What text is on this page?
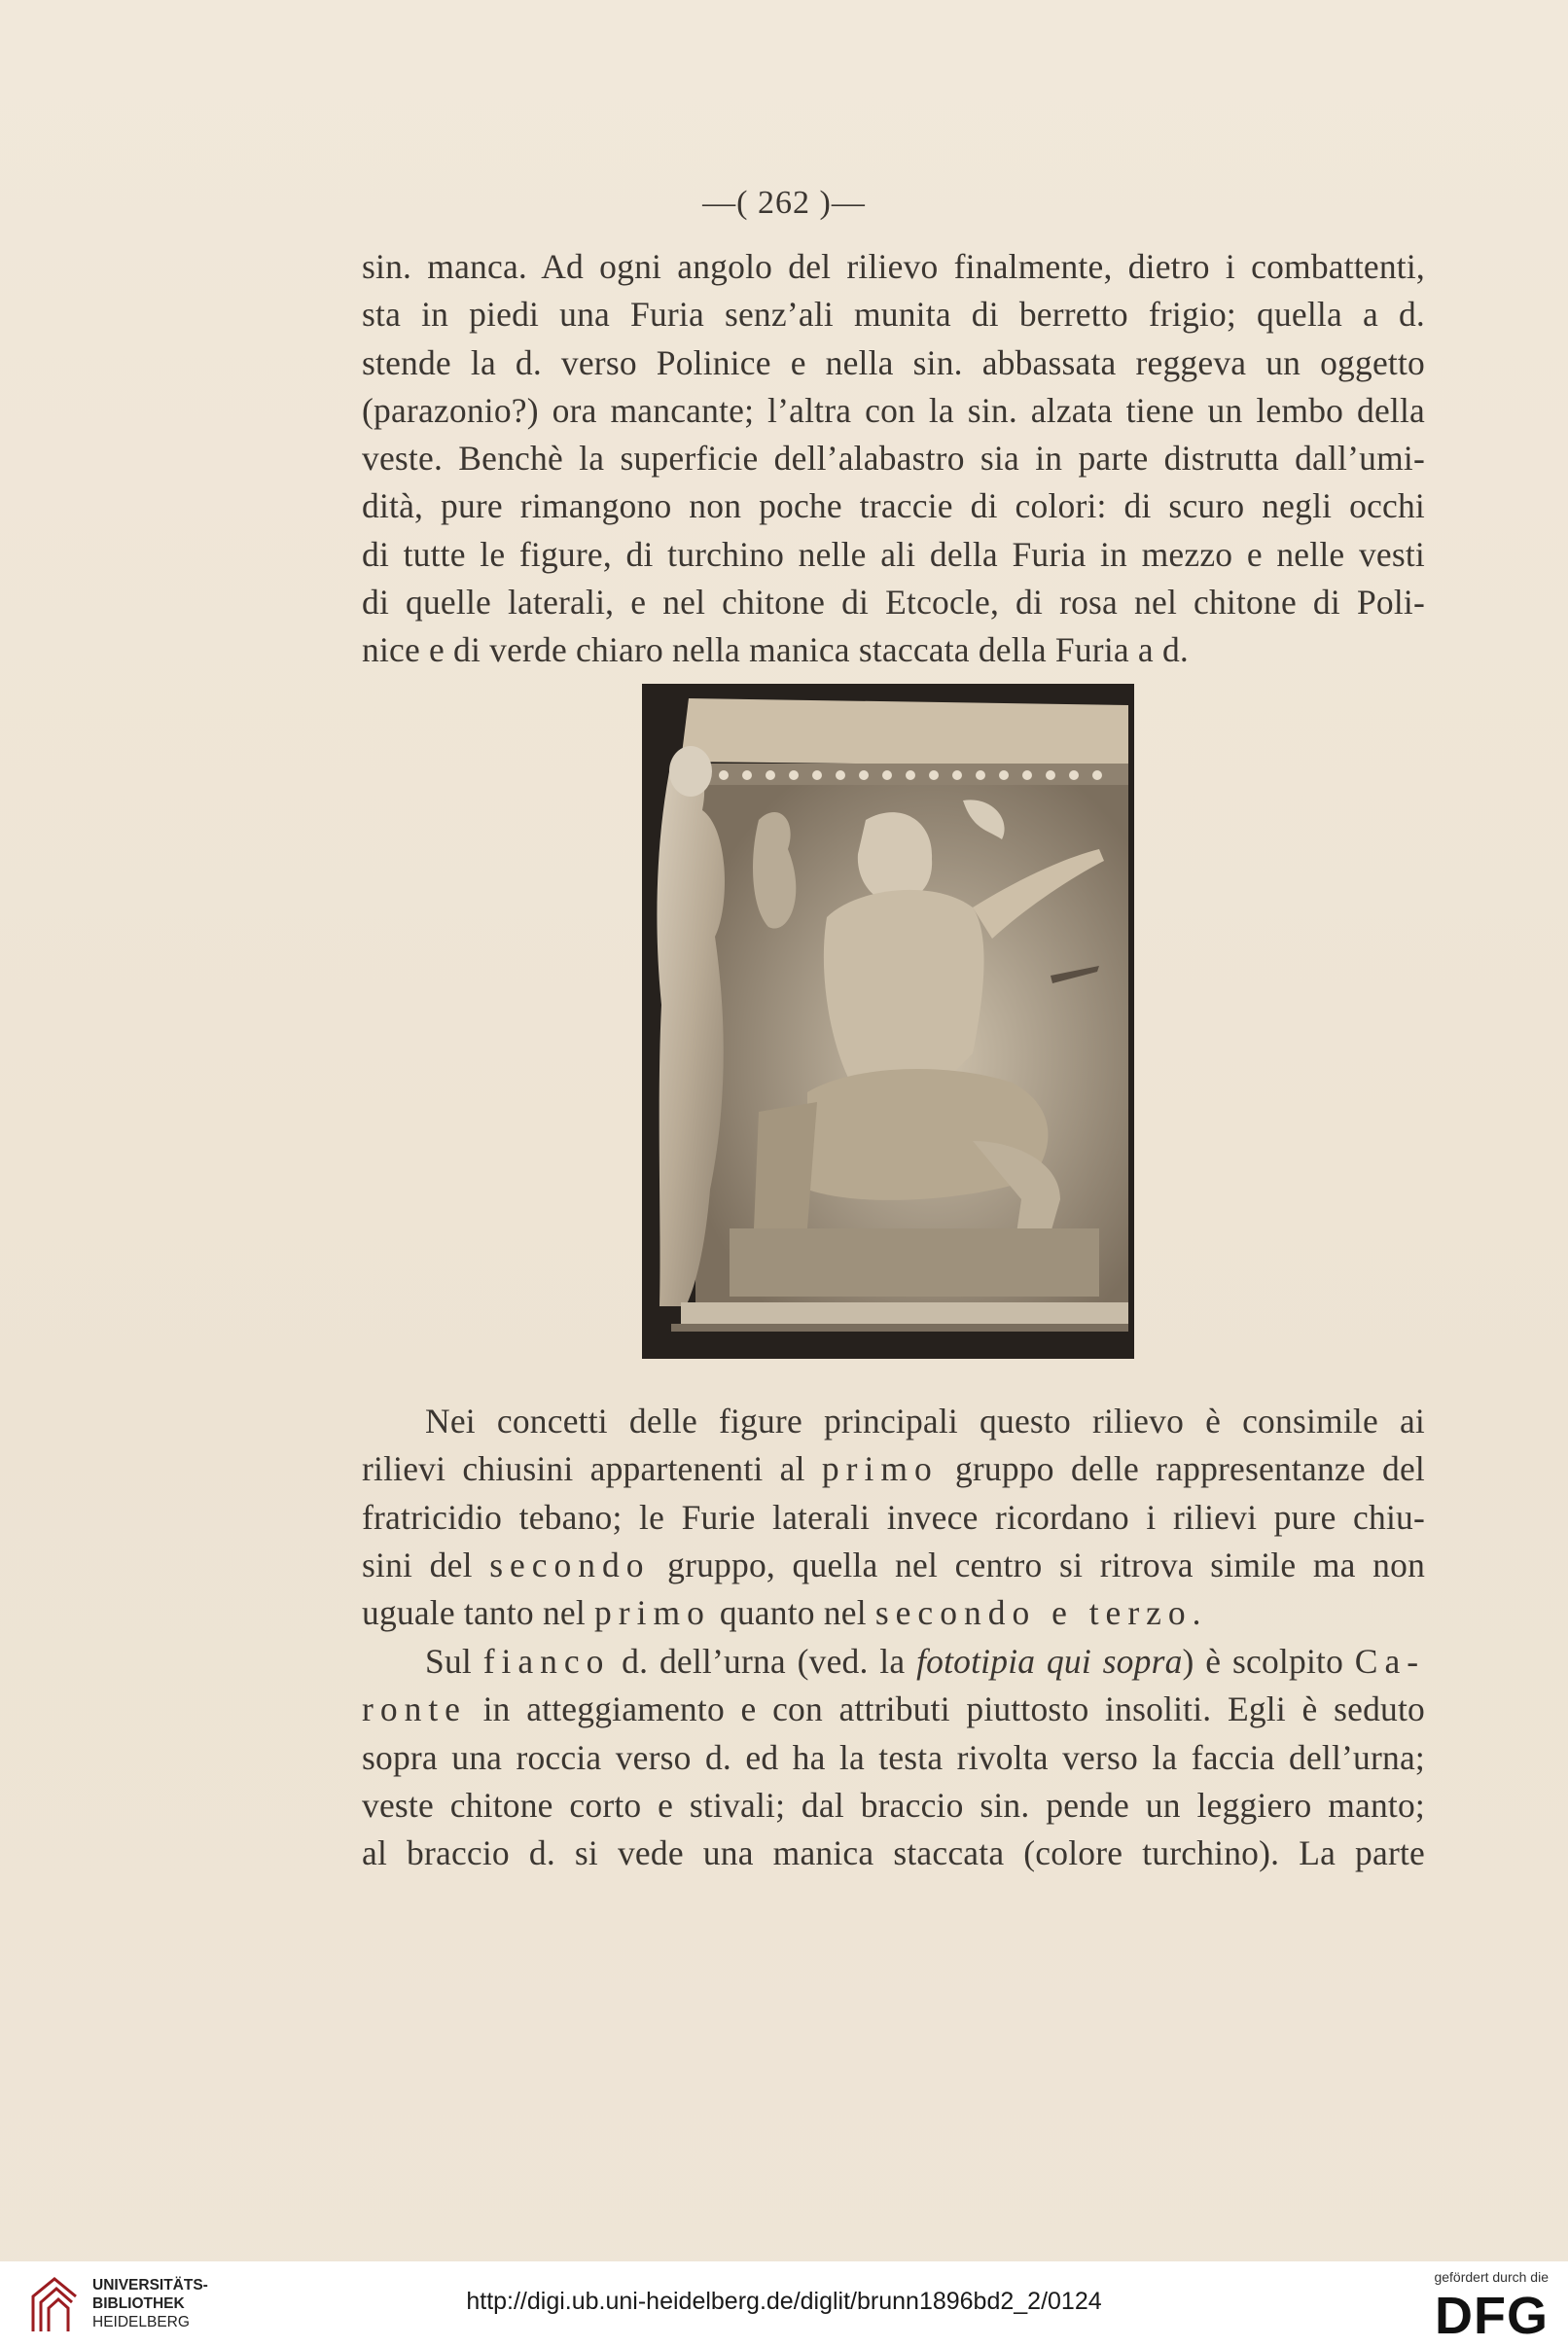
—( 262 )—

sin. manca. Ad ogni angolo del rilievo finalmente, dietro i combattenti,
sta in piedi una Furia senz’ali munita di berretto frigio; quella a d.
stende la d. verso Polinice e nella sin. abbassata reggeva un oggetto
(parazonio?) ora mancante; l’altra con la sin. alzata tiene un lembo della
veste. Benchè la superficie dell’alabastro sia in parte distrutta dall’umi-
dità, pure rimangono non poche traccie di colori: di scuro negli occhi
di tutte le figure, di turchino nelle ali della Furia in mezzo e nelle vesti
di quelle laterali, e nel chitone di Etcocle, di rosa nel chitone di Poli-
nice e di verde chiaro nella manica staccata della Furia a d.

Nei concetti delle figure principali questo rilievo è consimile ai
rilievi chiusini appartenenti al primo gruppo delle rappresentanze del
fratricidio tebano; le Furie laterali invece ricordano i rilievi pure chiu-
sini del secondo gruppo, quella nel centro si ritrova simile ma non
uguale tanto nel primo quanto nel secondo e terzo.

Sul fianco d. dell’urna (ved. la fototipia qui sopra) è scolpito Ca-
ronte in atteggiamento e con attributi piuttosto insoliti. Egli è seduto
sopra una roccia verso d. ed ha la testa rivolta verso la faccia dell’urna;
veste chitone corto e stivali; dal braccio sin. pende un leggiero manto;
al braccio d. si vede una manica staccata (colore turchino). La parte

UNIVERSITÄTS-
BIBLIOTHEK
HEIDELBERG
http://digi.ub.uni-heidelberg.de/diglit/brunn1896bd2_2/0124
gefördert durch die
DFG
